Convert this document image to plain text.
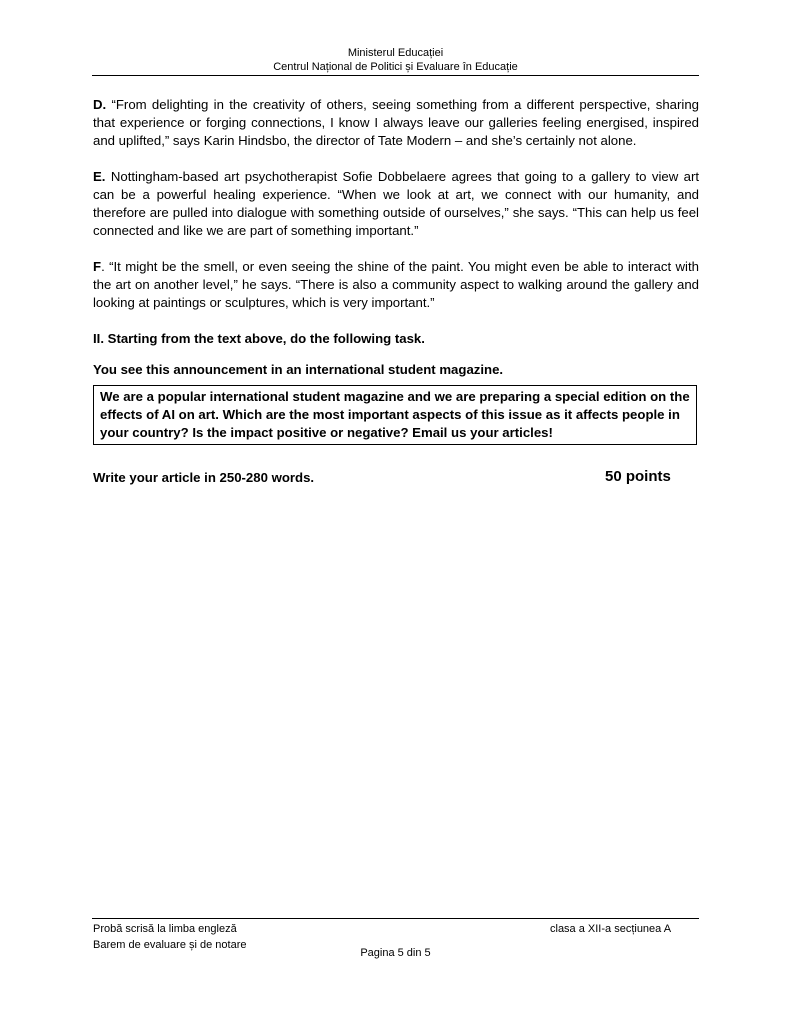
Ministerul Educației
Centrul Național de Politici și Evaluare în Educație

D. “From delighting in the creativity of others, seeing something from a different perspective, sharing that experience or forging connections, I know I always leave our galleries feeling energised, inspired and uplifted,” says Karin Hindsbo, the director of Tate Modern – and she’s certainly not alone.

E. Nottingham-based art psychotherapist Sofie Dobbelaere agrees that going to a gallery to view art can be a powerful healing experience. “When we look at art, we connect with our humanity, and therefore are pulled into dialogue with something outside of ourselves,” she says. “This can help us feel connected and like we are part of something important.”

F. “It might be the smell, or even seeing the shine of the paint. You might even be able to interact with the art on another level,” he says. “There is also a community aspect to walking around the gallery and looking at paintings or sculptures, which is very important.”

II. Starting from the text above, do the following task.

You see this announcement in an international student magazine.

We are a popular international student magazine and we are preparing a special edition on the effects of AI on art. Which are the most important aspects of this issue as it affects people in your country? Is the impact positive or negative? Email us your articles!
Write your article in 250-280 words.	50 points
Probă scrisă la limba engleză
Barem de evaluare și de notare
clasa a XII-a secțiunea A
Pagina 5 din 5
